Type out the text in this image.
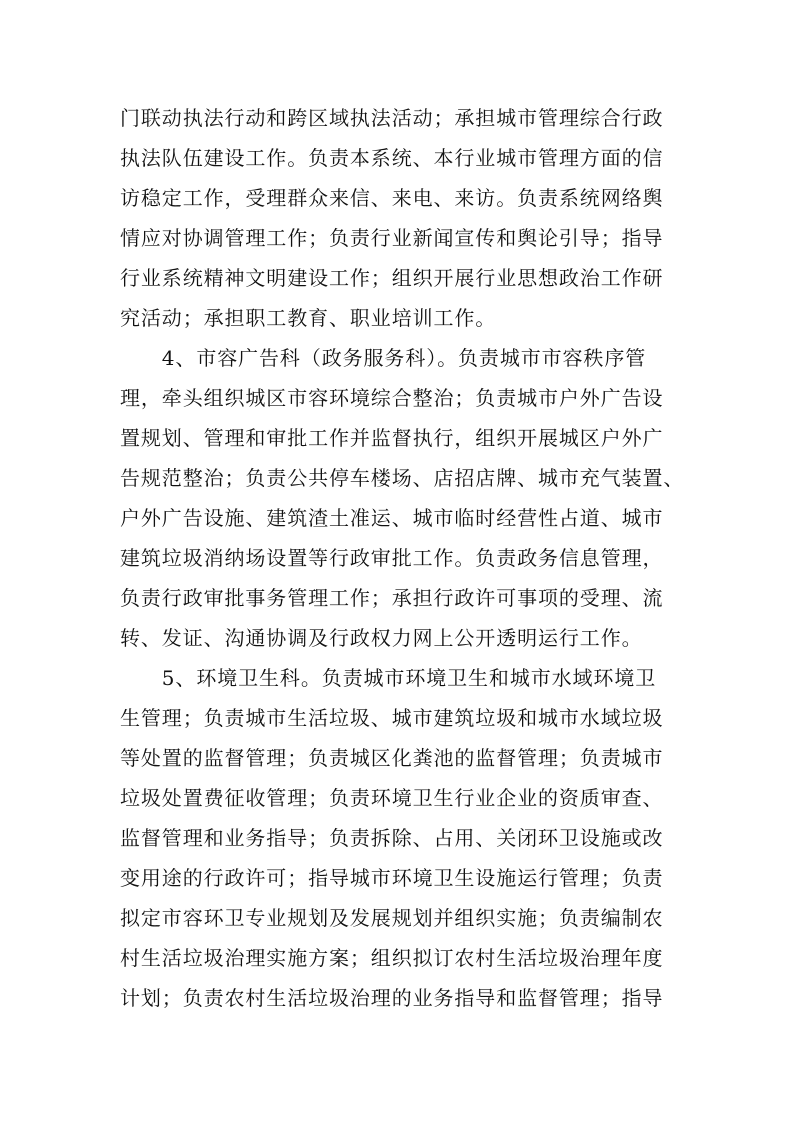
门联动执法行动和跨区域执法活动；承担城市管理综合行政
执法队伍建设工作。负责本系统、本行业城市管理方面的信
访稳定工作，受理群众来信、来电、来访。负责系统网络舆
情应对协调管理工作；负责行业新闻宣传和舆论引导；指导
行业系统精神文明建设工作；组织开展行业思想政治工作研
究活动；承担职工教育、职业培训工作。
　　4、市容广告科（政务服务科）。负责城市市容秩序管
理，牵头组织城区市容环境综合整治；负责城市户外广告设
置规划、管理和审批工作并监督执行，组织开展城区户外广
告规范整治；负责公共停车楼场、店招店牌、城市充气装置、
户外广告设施、建筑渣土准运、城市临时经营性占道、城市
建筑垃圾消纳场设置等行政审批工作。负责政务信息管理，
负责行政审批事务管理工作；承担行政许可事项的受理、流
转、发证、沟通协调及行政权力网上公开透明运行工作。
　　5、环境卫生科。负责城市环境卫生和城市水域环境卫
生管理；负责城市生活垃圾、城市建筑垃圾和城市水域垃圾
等处置的监督管理；负责城区化粪池的监督管理；负责城市
垃圾处置费征收管理；负责环境卫生行业企业的资质审查、
监督管理和业务指导；负责拆除、占用、关闭环卫设施或改
变用途的行政许可；指导城市环境卫生设施运行管理；负责
拟定市容环卫专业规划及发展规划并组织实施；负责编制农
村生活垃圾治理实施方案；组织拟订农村生活垃圾治理年度
计划；负责农村生活垃圾治理的业务指导和监督管理；指导
